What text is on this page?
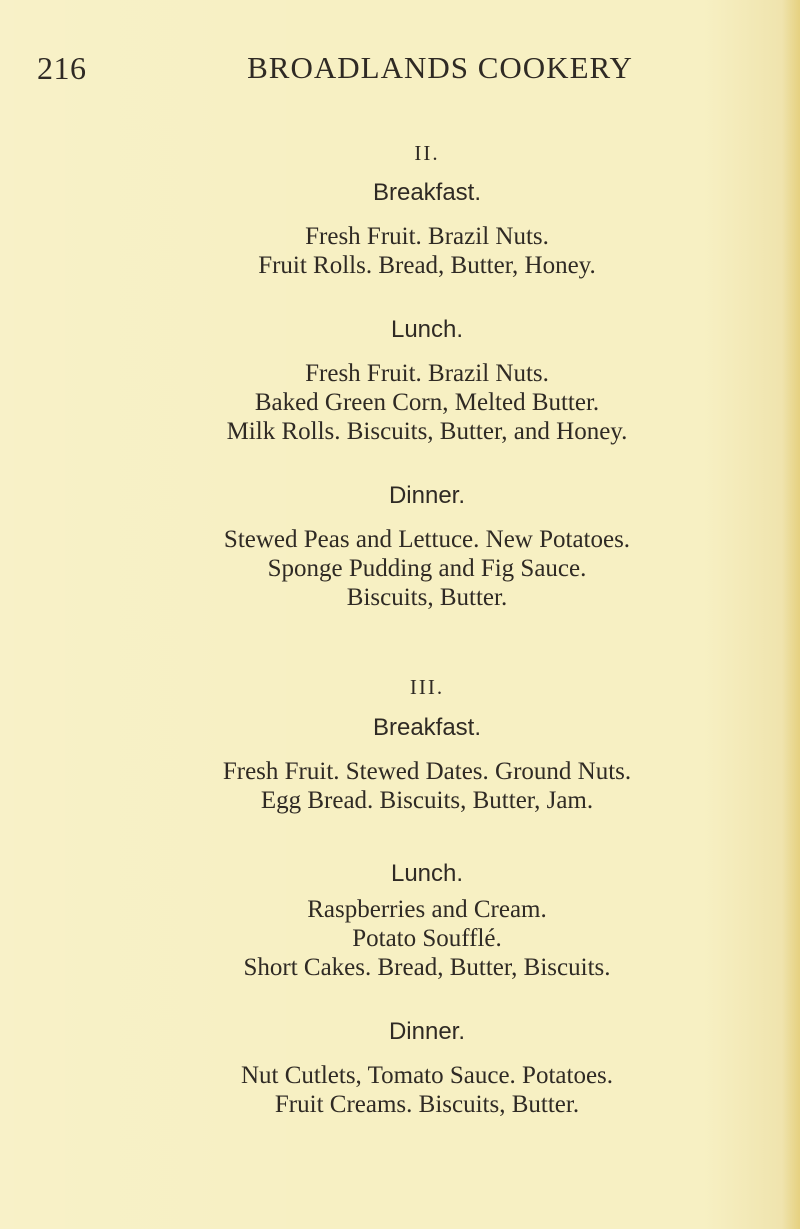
216	BROADLANDS COOKERY
II.
Breakfast.
Fresh Fruit. Brazil Nuts.
Fruit Rolls. Bread, Butter, Honey.
Lunch.
Fresh Fruit. Brazil Nuts.
Baked Green Corn, Melted Butter.
Milk Rolls. Biscuits, Butter, and Honey.
Dinner.
Stewed Peas and Lettuce. New Potatoes.
Sponge Pudding and Fig Sauce.
Biscuits, Butter.
III.
Breakfast.
Fresh Fruit. Stewed Dates. Ground Nuts.
Egg Bread. Biscuits, Butter, Jam.
Lunch.
Raspberries and Cream.
Potato Soufflé.
Short Cakes. Bread, Butter, Biscuits.
Dinner.
Nut Cutlets, Tomato Sauce. Potatoes.
Fruit Creams. Biscuits, Butter.
